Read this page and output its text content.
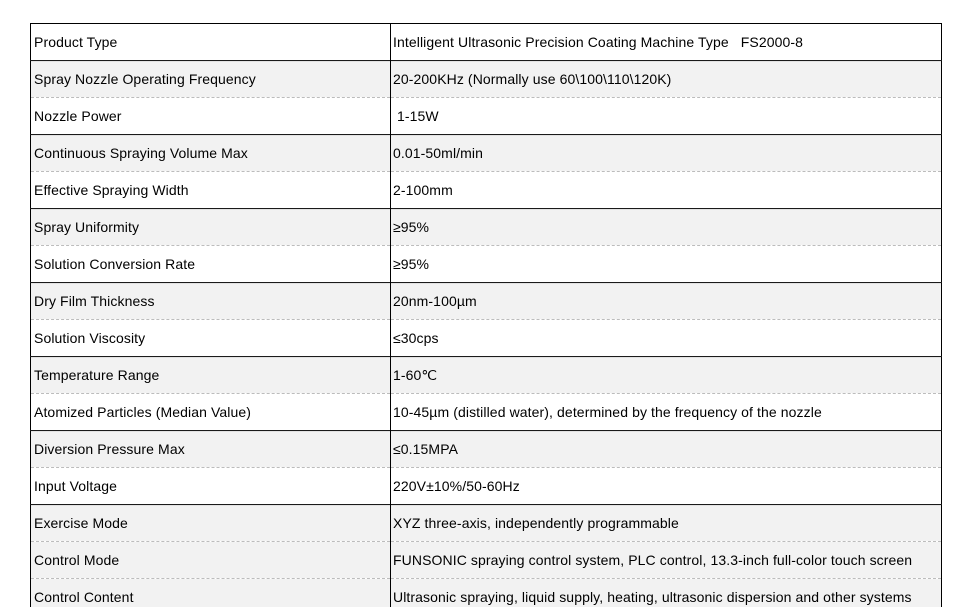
Product Type	Intelligent Ultrasonic Precision Coating Machine Type   FS2000-8
Spray Nozzle Operating Frequency	20-200KHz (Normally use 60\100\110\120K)
Nozzle Power	1-15W
Continuous Spraying Volume Max	0.01-50ml/min
Effective Spraying Width	2-100mm
Spray Uniformity	≥95%
Solution Conversion Rate	≥95%
Dry Film Thickness	20nm-100µm
Solution Viscosity	≤30cps
Temperature Range	1-60℃
Atomized Particles (Median Value)	10-45µm (distilled water), determined by the frequency of the nozzle
Diversion Pressure Max	≤0.15MPA
Input Voltage	220V±10%/50-60Hz
Exercise Mode	XYZ three-axis, independently programmable
Control Mode	FUNSONIC spraying control system, PLC control, 13.3-inch full-color touch screen
Control Content	Ultrasonic spraying, liquid supply, heating, ultrasonic dispersion and other systems
